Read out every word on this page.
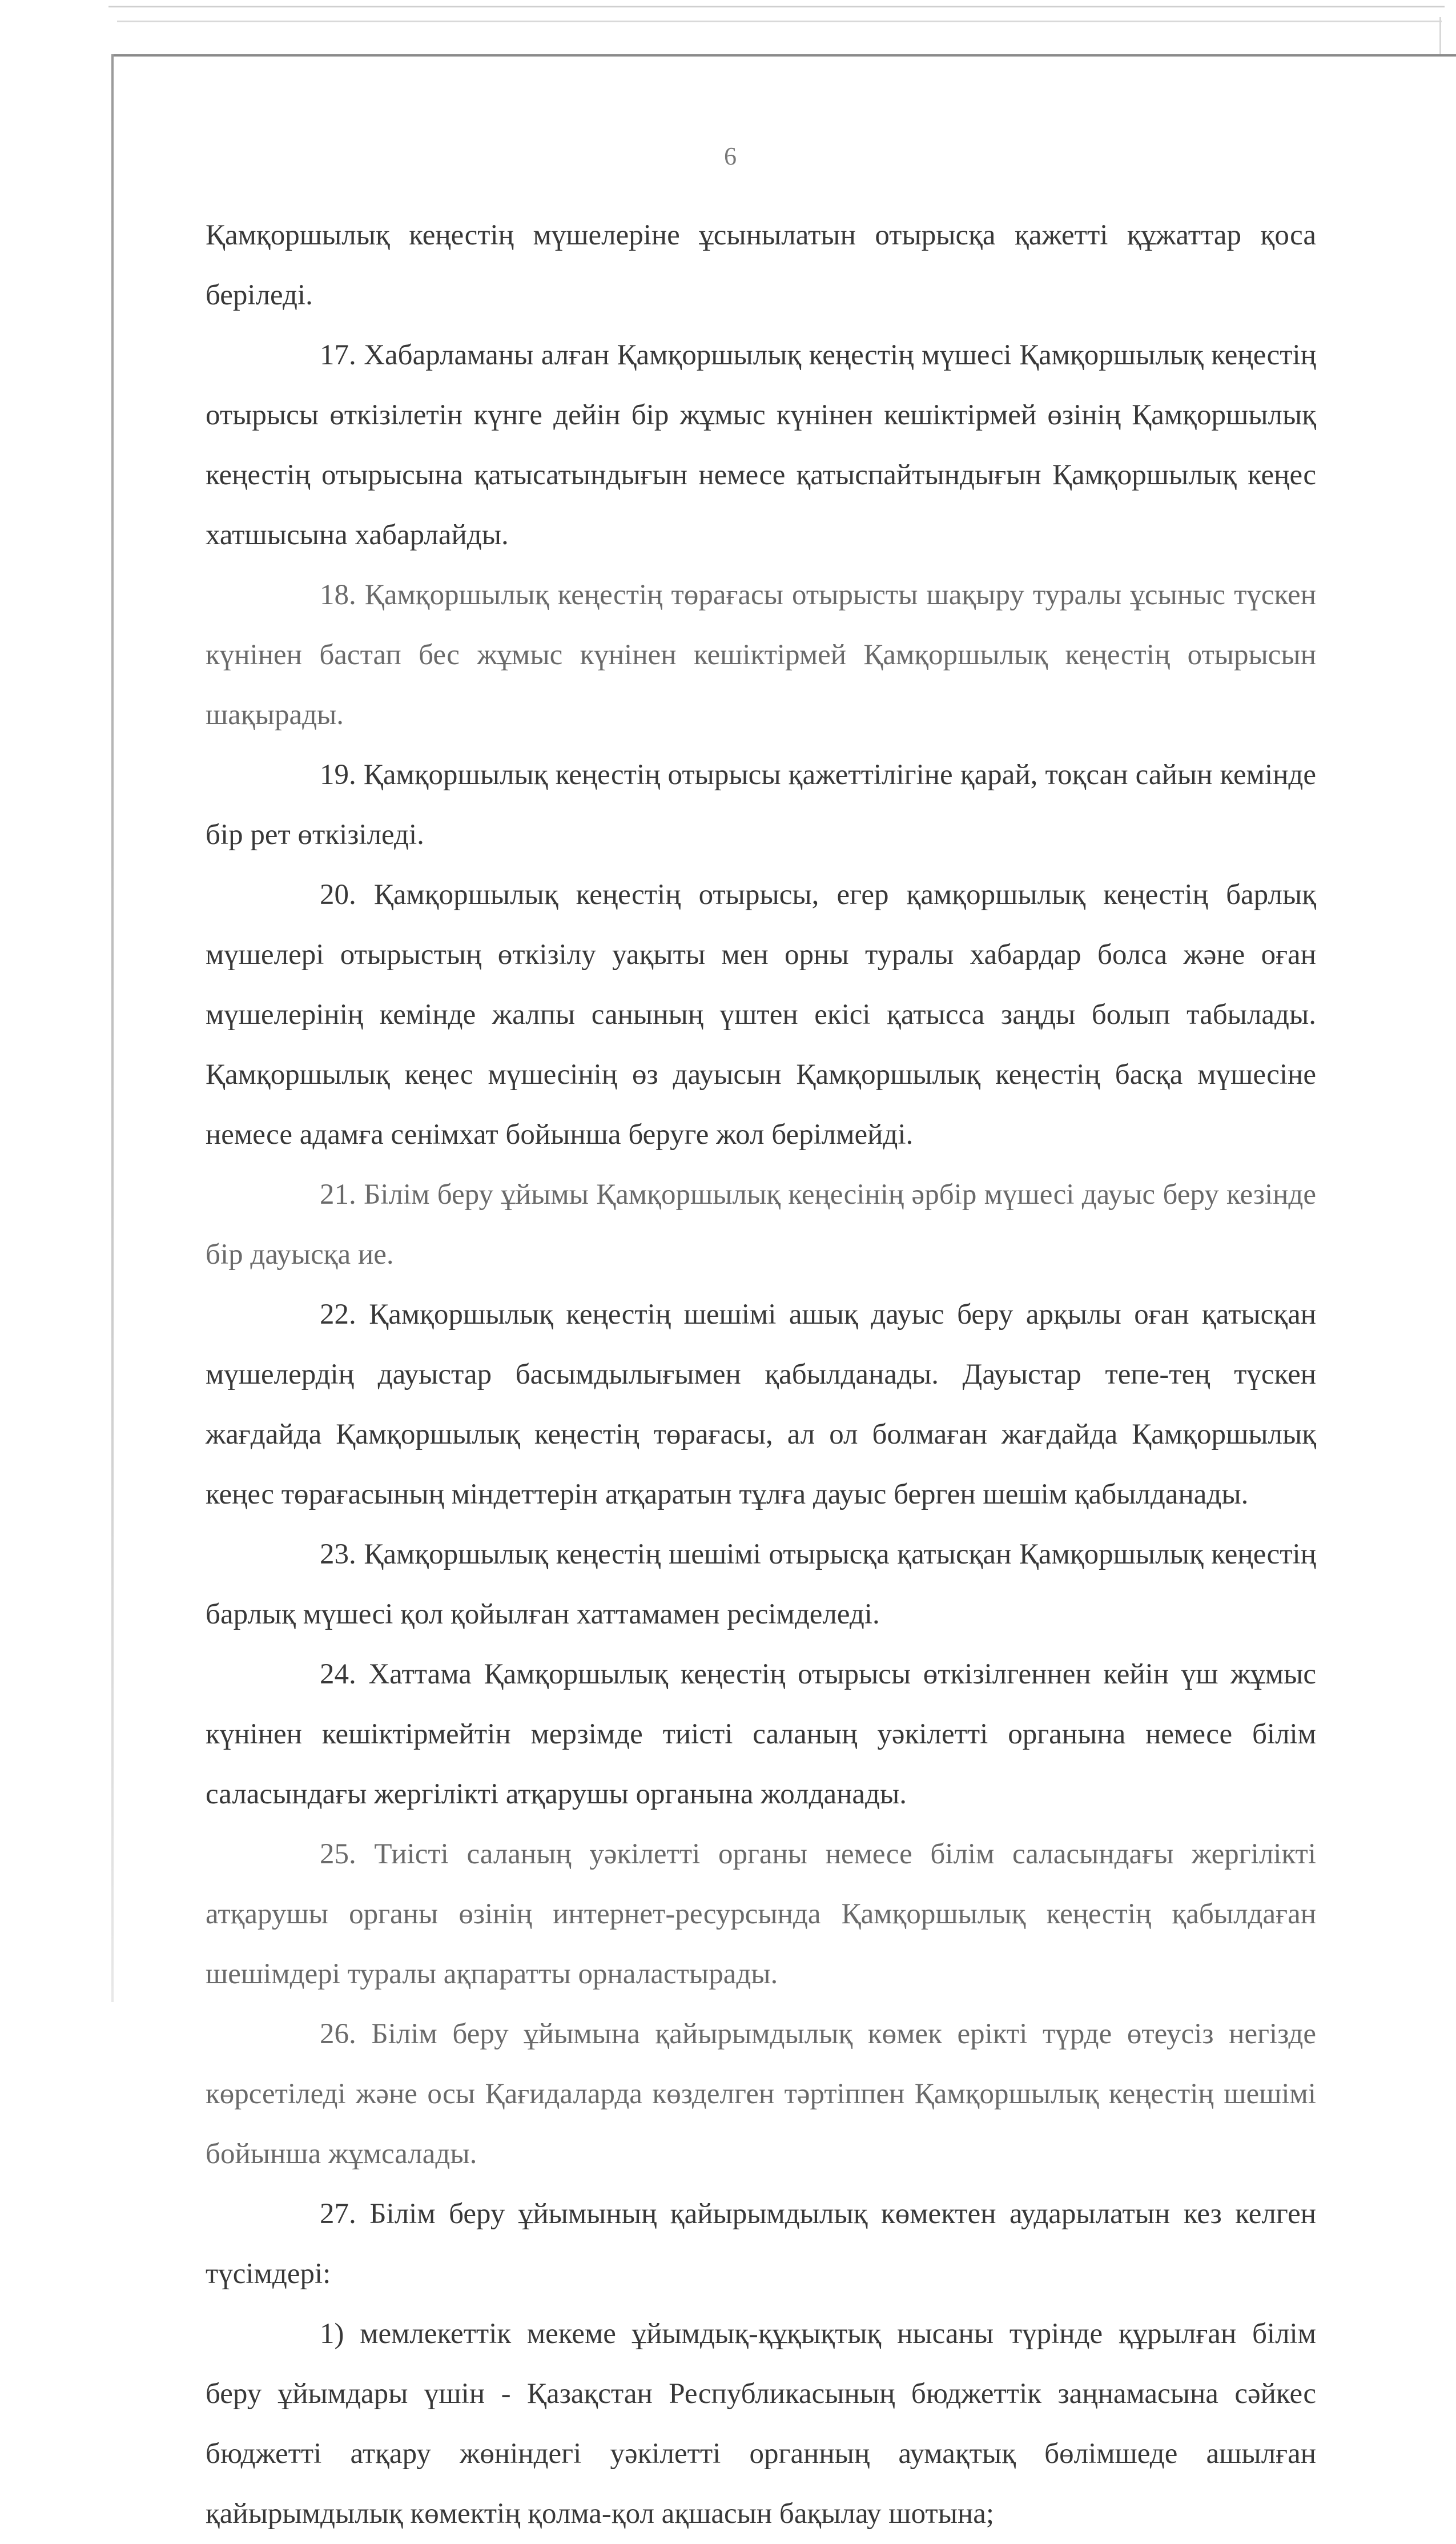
6

Қамқоршылық кеңестің мүшелеріне ұсынылатын отырысқа қажетті құжаттар қоса беріледі.

17. Хабарламаны алған Қамқоршылық кеңестің мүшесі Қамқоршылық кеңестің отырысы өткізілетін күнге дейін бір жұмыс күнінен кешіктірмей өзінің Қамқоршылық кеңестің отырысына қатысатындығын немесе қатыспайтындығын Қамқоршылық кеңес хатшысына хабарлайды.

18. Қамқоршылық кеңестің төрағасы отырысты шақыру туралы ұсыныс түскен күнінен бастап бес жұмыс күнінен кешіктірмей Қамқоршылық кеңестің отырысын шақырады.

19. Қамқоршылық кеңестің отырысы қажеттілігіне қарай, тоқсан сайын кемінде бір рет өткізіледі.

20. Қамқоршылық кеңестің отырысы, егер қамқоршылық кеңестің барлық мүшелері отырыстың өткізілу уақыты мен орны туралы хабардар болса және оған мүшелерінің кемінде жалпы санының үштен екісі қатысса заңды болып табылады. Қамқоршылық кеңес мүшесінің өз дауысын Қамқоршылық кеңестің басқа мүшесіне немесе адамға сенімхат бойынша беруге жол берілмейді.

21. Білім беру ұйымы Қамқоршылық кеңесінің әрбір мүшесі дауыс беру кезінде бір дауысқа ие.

22. Қамқоршылық кеңестің шешімі ашық дауыс беру арқылы оған қатысқан мүшелердің дауыстар басымдылығымен қабылданады. Дауыстар тепе-тең түскен жағдайда Қамқоршылық кеңестің төрағасы, ал ол болмаған жағдайда Қамқоршылық кеңес төрағасының міндеттерін атқаратын тұлға дауыс берген шешім қабылданады.

23. Қамқоршылық кеңестің шешімі отырысқа қатысқан Қамқоршылық кеңестің барлық мүшесі қол қойылған хаттамамен ресімделеді.

24. Хаттама Қамқоршылық кеңестің отырысы өткізілгеннен кейін үш жұмыс күнінен кешіктірмейтін мерзімде тиісті саланың уәкілетті органына немесе білім саласындағы жергілікті атқарушы органына жолданады.

25. Тиісті саланың уәкілетті органы немесе білім саласындағы жергілікті атқарушы органы өзінің интернет-ресурсында Қамқоршылық кеңестің қабылдаған шешімдері туралы ақпаратты орналастырады.

26. Білім беру ұйымына қайырымдылық көмек ерікті түрде өтеусіз негізде көрсетіледі және осы Қағидаларда көзделген тәртіппен Қамқоршылық кеңестің шешімі бойынша жұмсалады.

27. Білім беру ұйымының қайырымдылық көмектен аударылатын кез келген түсімдері:

1) мемлекеттік мекеме ұйымдық-құқықтық нысаны түрінде құрылған білім беру ұйымдары үшін - Қазақстан Республикасының бюджеттік заңнамасына сәйкес бюджетті атқару жөніндегі уәкілетті органның аумақтық бөлімшеде ашылған қайырымдылық көмектің қолма-қол ақшасын бақылау шотына;
